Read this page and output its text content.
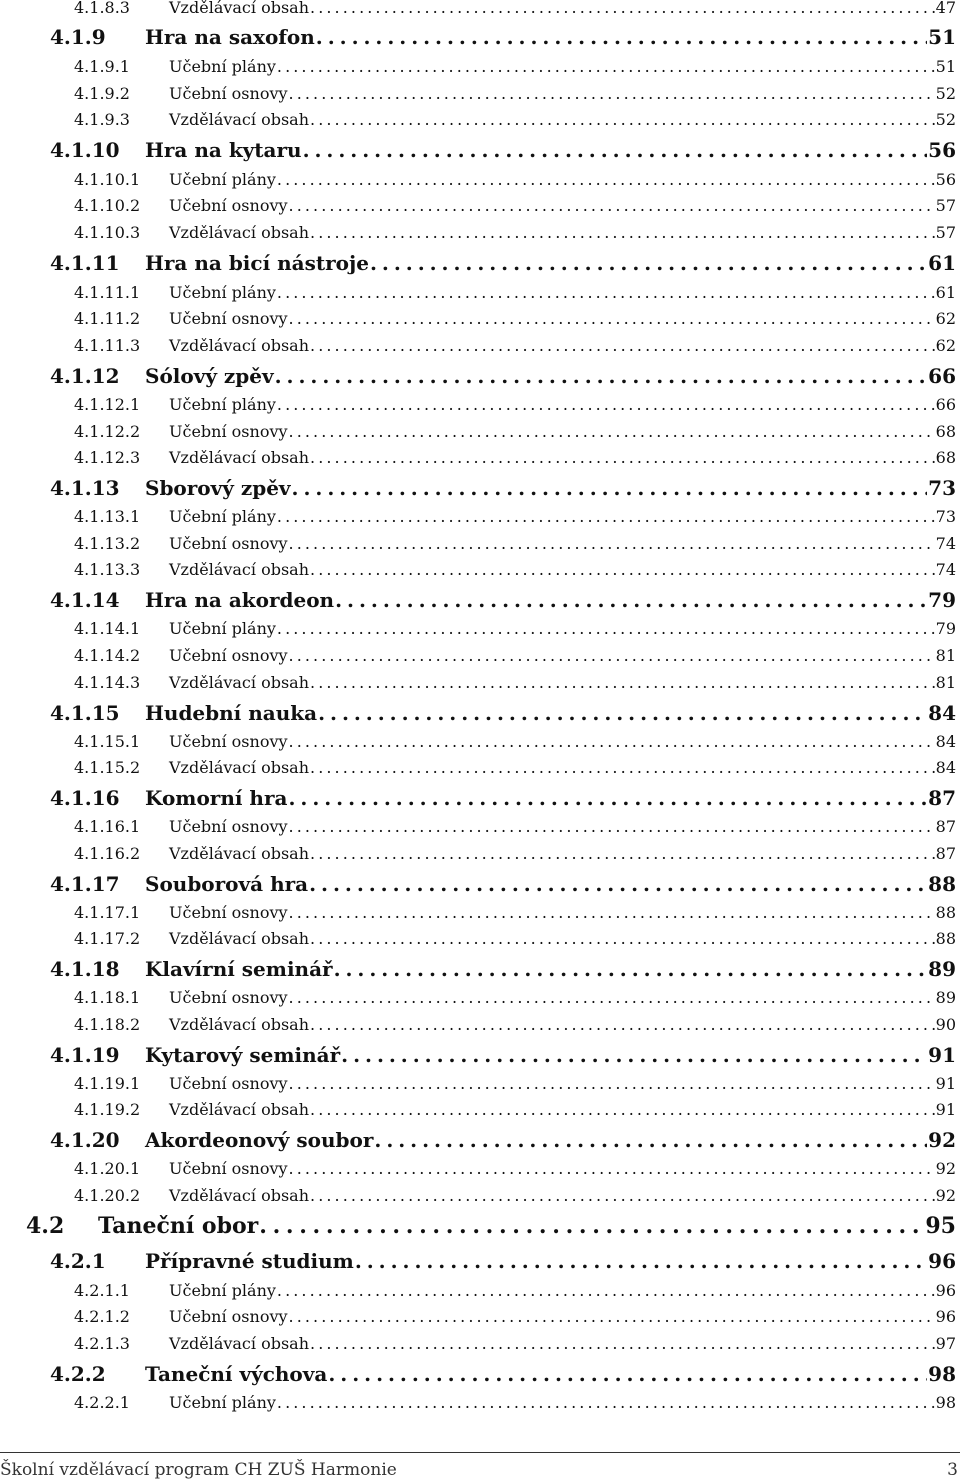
4.1.8.3	Vzdělávací obsah . . .	47
4.1.9	Hra na saxofon . . .	51
4.1.9.1	Učební plány . . .	51
4.1.9.2	Učební osnovy . . .	52
4.1.9.3	Vzdělávací obsah . . .	52
4.1.10	Hra na kytaru . . .	56
4.1.10.1	Učební plány . . .	56
4.1.10.2	Učební osnovy . . .	57
4.1.10.3	Vzdělávací obsah . . .	57
4.1.11	Hra na bicí nástroje . . .	61
4.1.11.1	Učební plány . . .	61
4.1.11.2	Učební osnovy . . .	62
4.1.11.3	Vzdělávací obsah . . .	62
4.1.12	Sólový zpěv . . .	66
4.1.12.1	Učební plány . . .	66
4.1.12.2	Učební osnovy . . .	68
4.1.12.3	Vzdělávací obsah . . .	68
4.1.13	Sborový zpěv . . .	73
4.1.13.1	Učební plány . . .	73
4.1.13.2	Učební osnovy . . .	74
4.1.13.3	Vzdělávací obsah . . .	74
4.1.14	Hra na akordeon . . .	79
4.1.14.1	Učební plány . . .	79
4.1.14.2	Učební osnovy . . .	81
4.1.14.3	Vzdělávací obsah . . .	81
4.1.15	Hudební nauka . . .	84
4.1.15.1	Učební osnovy . . .	84
4.1.15.2	Vzdělávací obsah . . .	84
4.1.16	Komorní hra . . .	87
4.1.16.1	Učební osnovy . . .	87
4.1.16.2	Vzdělávací obsah . . .	87
4.1.17	Souborová hra . . .	88
4.1.17.1	Učební osnovy . . .	88
4.1.17.2	Vzdělávací obsah . . .	88
4.1.18	Klavírní seminář . . .	89
4.1.18.1	Učební osnovy . . .	89
4.1.18.2	Vzdělávací obsah . . .	90
4.1.19	Kytarový seminář . . .	91
4.1.19.1	Učební osnovy . . .	91
4.1.19.2	Vzdělávací obsah . . .	91
4.1.20	Akordeonový soubor . . .	92
4.1.20.1	Učební osnovy . . .	92
4.1.20.2	Vzdělávací obsah . . .	92
4.2	Taneční obor . . .	95
4.2.1	Přípravné studium . . .	96
4.2.1.1	Učební plány . . .	96
4.2.1.2	Učební osnovy . . .	96
4.2.1.3	Vzdělávací obsah . . .	97
4.2.2	Taneční výchova . . .	98
4.2.2.1	Učební plány . . .	98
Školní vzdělávací program CH ZUŠ Harmonie	3
